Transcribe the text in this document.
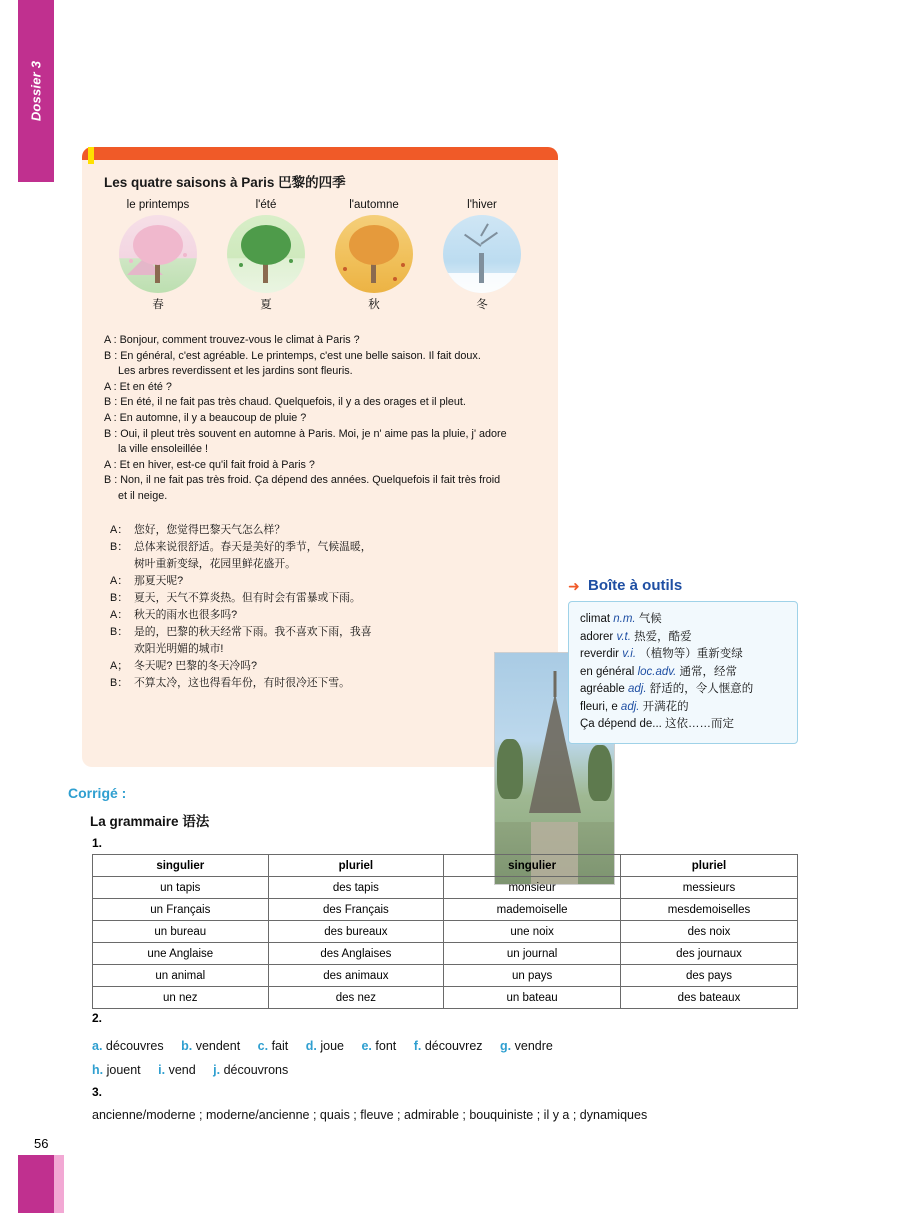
Dossier 3
56
Les quatre saisons à Paris 巴黎的四季
le printemps
春
l'été
夏
l'automne
秋
l'hiver
冬

A : Bonjour, comment trouvez-vous le climat à Paris ?

B : En général, c'est agréable. Le printemps, c'est une belle saison. Il fait doux.

Les arbres reverdissent et les jardins sont fleuris.

A : Et en été ?

B : En été, il ne fait pas très chaud. Quelquefois, il y a des orages et il pleut.

A : En automne, il y a beaucoup de pluie ?

B : Oui, il pleut très souvent en automne à Paris. Moi, je n' aime pas la pluie, j' adore

la ville ensoleillée !

A : Et en hiver, est-ce qu'il fait froid à Paris ?

B : Non, il ne fait pas très froid. Ça dépend des années. Quelquefois il fait très froid

et il neige.

A： 您好，您觉得巴黎天气怎么样？
B： 总体来说很舒适。春天是美好的季节，气候温暖，
树叶重新变绿，花园里鲜花盛开。
A： 那夏天呢?
B： 夏天，天气不算炎热。但有时会有雷暴或下雨。
A： 秋天的雨水也很多吗?
B： 是的，巴黎的秋天经常下雨。我不喜欢下雨，我喜
欢阳光明媚的城市!
A； 冬天呢? 巴黎的冬天冷吗?
B： 不算太冷，这也得看年份，有时很冷还下雪。
➜ Boîte à outils
climat n.m. 气候
adorer v.t. 热爱，酷爱
reverdir v.i. （植物等）重新变绿
en général loc.adv. 通常，经常
agréable adj. 舒适的，令人惬意的
fleuri, e adj. 开满花的
Ça dépend de... 这依……而定
Corrigé :
La grammaire 语法
1.
singulier	pluriel	singulier	pluriel
un tapis	des tapis	monsieur	messieurs
un Français	des Français	mademoiselle	mesdemoiselles
un bureau	des bureaux	une noix	des noix
une Anglaise	des Anglaises	un journal	des journaux
un animal	des animaux	un pays	des pays
un nez	des nez	un bateau	des bateaux
2.
a. découvres b. vendent c. fait d. joue e. font f. découvrez g. vendre
h. jouent i. vend j. découvrons
3.
ancienne/moderne ; moderne/ancienne ; quais ; fleuve ; admirable ; bouquiniste ; il y a ; dynamiques
